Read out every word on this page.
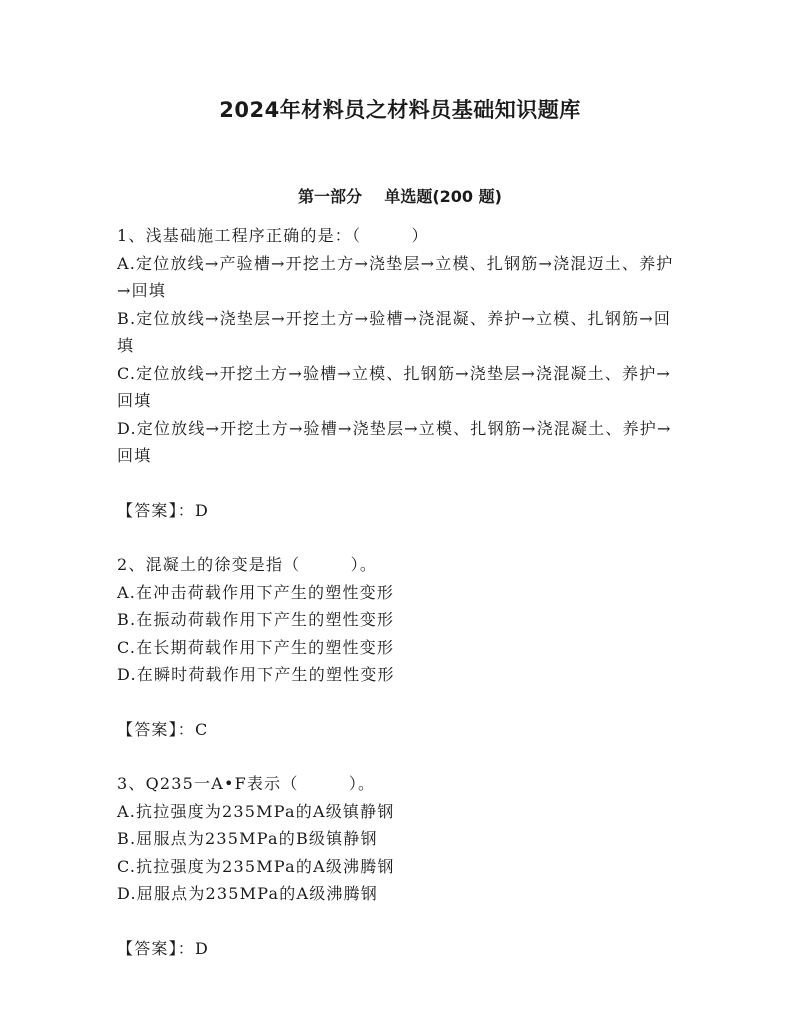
2024年材料员之材料员基础知识题库
第一部分    单选题(200 题)

1、浅基础施工程序正确的是：（        ）

A.定位放线→产验槽→开挖土方→浇垫层→立模、扎钢筋→浇混迈土、养护→回填

B.定位放线→浇垫层→开挖土方→验槽→浇混凝、养护→立模、扎钢筋→回填

C.定位放线→开挖土方→验槽→立模、扎钢筋→浇垫层→浇混凝土、养护→回填

D.定位放线→开挖土方→验槽→浇垫层→立模、扎钢筋→浇混凝土、养护→回填

【答案】：D

2、混凝土的徐变是指（        ）。

A.在冲击荷载作用下产生的塑性变形

B.在振动荷载作用下产生的塑性变形

C.在长期荷载作用下产生的塑性变形

D.在瞬时荷载作用下产生的塑性变形

【答案】：C

3、Q235一A•F表示（        ）。

A.抗拉强度为235MPa的A级镇静钢

B.屈服点为235MPa的B级镇静钢

C.抗拉强度为235MPa的A级沸腾钢

D.屈服点为235MPa的A级沸腾钢

【答案】：D
